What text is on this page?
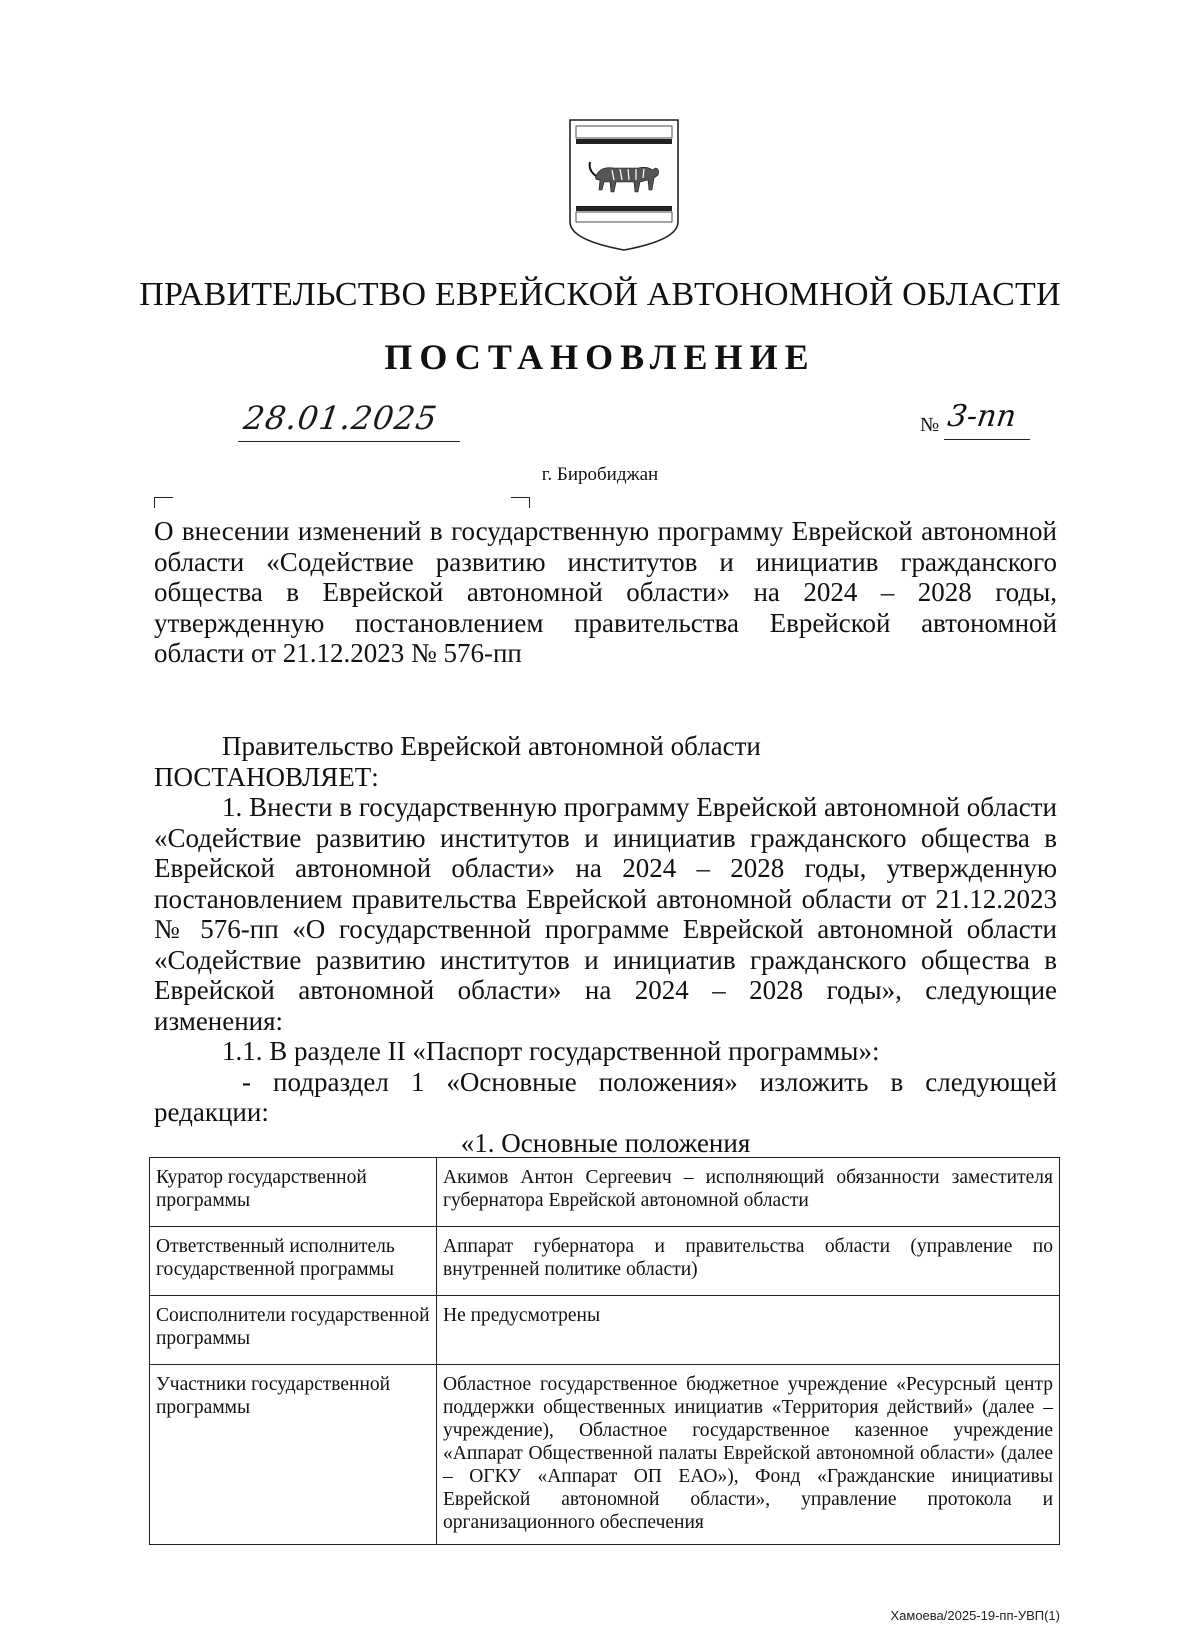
ПРАВИТЕЛЬСТВО ЕВРЕЙСКОЙ АВТОНОМНОЙ ОБЛАСТИ
ПОСТАНОВЛЕНИЕ
28.01.2025	№ 3-пп
г. Биробиджан
О внесении изменений в государственную программу Еврейской автономной области «Содействие развитию институтов и инициатив гражданского общества в Еврейской автономной области» на 2024 – 2028 годы, утвержденную постановлением правительства Еврейской автономной области от 21.12.2023 № 576-пп

Правительство Еврейской автономной области

ПОСТАНОВЛЯЕТ:

1. Внести в государственную программу Еврейской автономной области «Содействие развитию институтов и инициатив гражданского общества в Еврейской автономной области» на 2024 – 2028 годы, утвержденную постановлением правительства Еврейской автономной области от 21.12.2023 № 576-пп «О государственной программе Еврейской автономной области «Содействие развитию институтов и инициатив гражданского общества в Еврейской автономной области» на 2024 – 2028 годы», следующие изменения:

1.1. В разделе II «Паспорт государственной программы»:

- подраздел 1 «Основные положения» изложить в следующей редакции:

«1. Основные положения

Куратор государственной программы	Акимов Антон Сергеевич – исполняющий обязанности заместителя губернатора Еврейской автономной области
Ответственный исполнитель государственной программы	Аппарат губернатора и правительства области (управление по внутренней политике области)
Соисполнители государственной программы	Не предусмотрены
Участники государственной программы	Областное государственное бюджетное учреждение «Ресурсный центр поддержки общественных инициатив «Территория действий» (далее – учреждение), Областное государственное казенное учреждение «Аппарат Общественной палаты Еврейской автономной области» (далее – ОГКУ «Аппарат ОП ЕАО»), Фонд «Гражданские инициативы Еврейской автономной области», управление протокола и организационного обеспечения
Хамоева/2025-19-пп-УВП(1)
